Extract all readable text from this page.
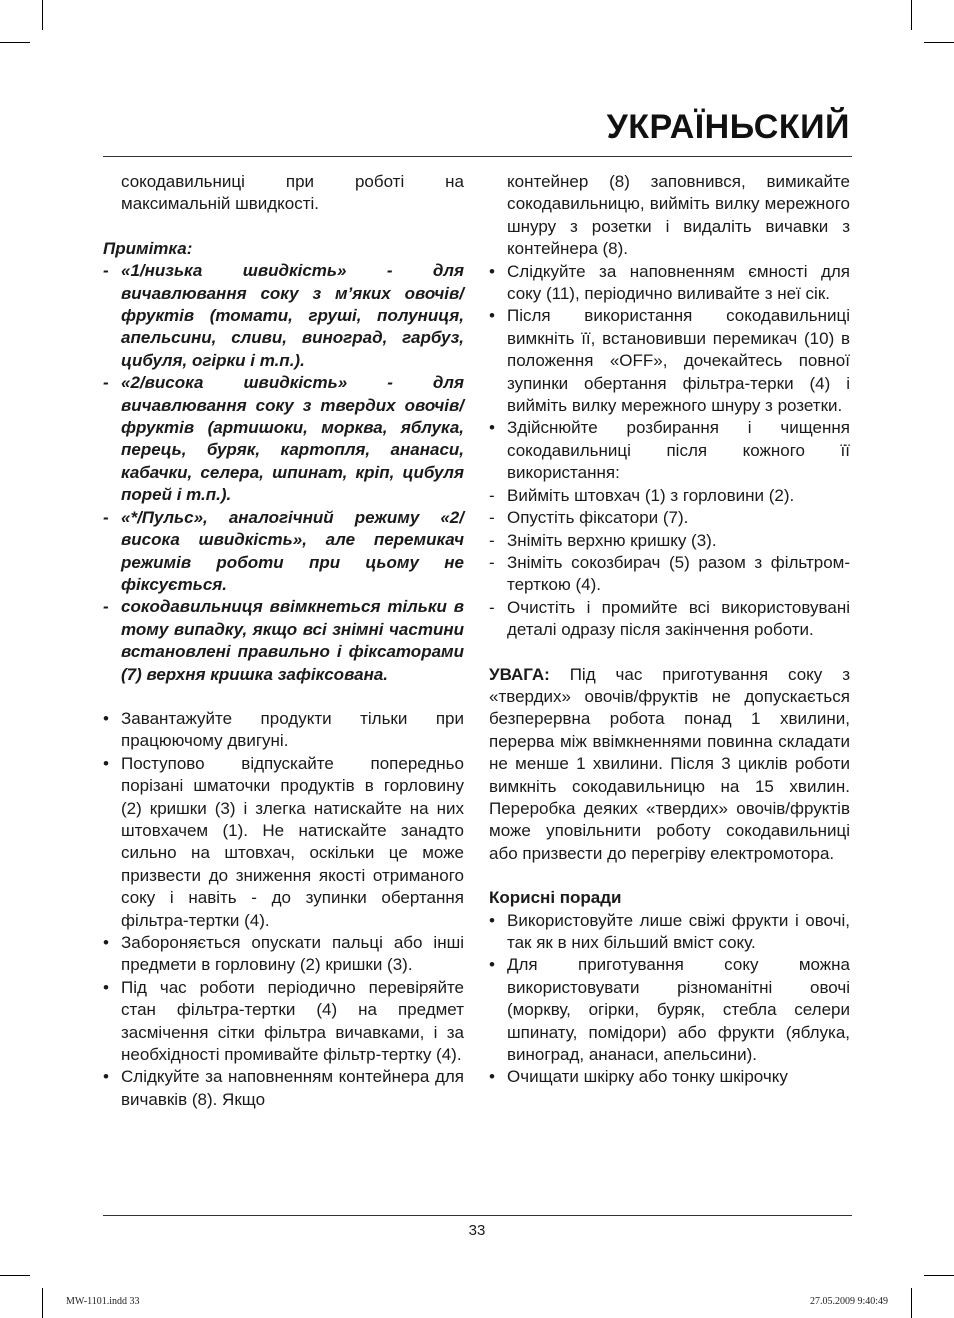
УКРАЇНЬСКИЙ

сокодавильниці при роботі на максимальній швидкості.

Примітка:

- «1/низька швидкість» - для вичавлювання соку з м’яких овочів/фруктів (томати, груші, полуниця, апельсини, сливи, виноград, гарбуз, цибуля, огірки і т.п.).
- «2/висока швидкість» - для вичавлювання соку з твердих овочів/фруктів (артишоки, морква, яблука, перець, буряк, картопля, ананаси, кабачки, селера, шпинат, кріп, цибуля порей і т.п.).
- «*/Пульс», аналогічний режиму «2/висока швидкість», але перемикач режимів роботи при цьому не фіксується.
- сокодавильниця ввімкнеться тільки в тому випадку, якщо всі знімні частини встановлені правильно і фіксаторами (7) верхня кришка зафіксована.
• Завантажуйте продукти тільки при працюючому двигуні.
• Поступово відпускайте попередньо порізані шматочки продуктів в горловину (2) кришки (3) і злегка натискайте на них штовхачем (1). Не натискайте занадто сильно на штовхач, оскільки це може призвести до зниження якості отриманого соку і навіть - до зупинки обертання фільтра-тертки (4).
• Забороняється опускати пальці або інші предмети в горловину (2) кришки (3).
• Під час роботи періодично перевіряйте стан фільтра-тертки (4) на предмет засмічення сітки фільтра вичавками, і за необхідності промивайте фільтр-тертку (4).
• Слідкуйте за наповненням контейнера для вичавків (8). Якщо

контейнер (8) заповнився, вимикайте сокодавильницю, вийміть вилку мережного шнуру з розетки і видаліть вичавки з контейнера (8).

• Слідкуйте за наповненням ємності для соку (11), періодично виливайте з неї сік.
• Після використання сокодавильниці вимкніть її, встановивши перемикач (10) в положення «OFF», дочекайтесь повної зупинки обертання фільтра-терки (4) і вийміть вилку мережного шнуру з розетки.
• Здійснюйте розбирання і чищення сокодавильниці після кожного її використання:
- Вийміть штовхач (1) з горловини (2).
- Опустіть фіксатори (7).
- Зніміть верхню кришку (3).
- Зніміть сокозбирач (5) разом з фільтром-терткою (4).
- Очистіть і промийте всі використовувані деталі одразу після закінчення роботи.

УВАГА: Під час приготування соку з «твердих» овочів/фруктів не допускається безперервна робота понад 1 хвилини, перерва між ввімкненнями повинна складати не менше 1 хвилини. Після 3 циклів роботи вимкніть сокодавильницю на 15 хвилин. Переробка деяких «твердих» овочів/фруктів може уповільнити роботу сокодавильниці або призвести до перегріву електромотора.

Корисні поради

• Використовуйте лише свіжі фрукти і овочі, так як в них більший вміст соку.
• Для приготування соку можна використовувати різноманітні овочі (моркву, огірки, буряк, стебла селери шпинату, помідори) або фрукти (яблука, виноград, ананаси, апельсини).
• Очищати шкірку або тонку шкірочку
33
MW-1101.indd 33	27.05.2009 9:40:49
